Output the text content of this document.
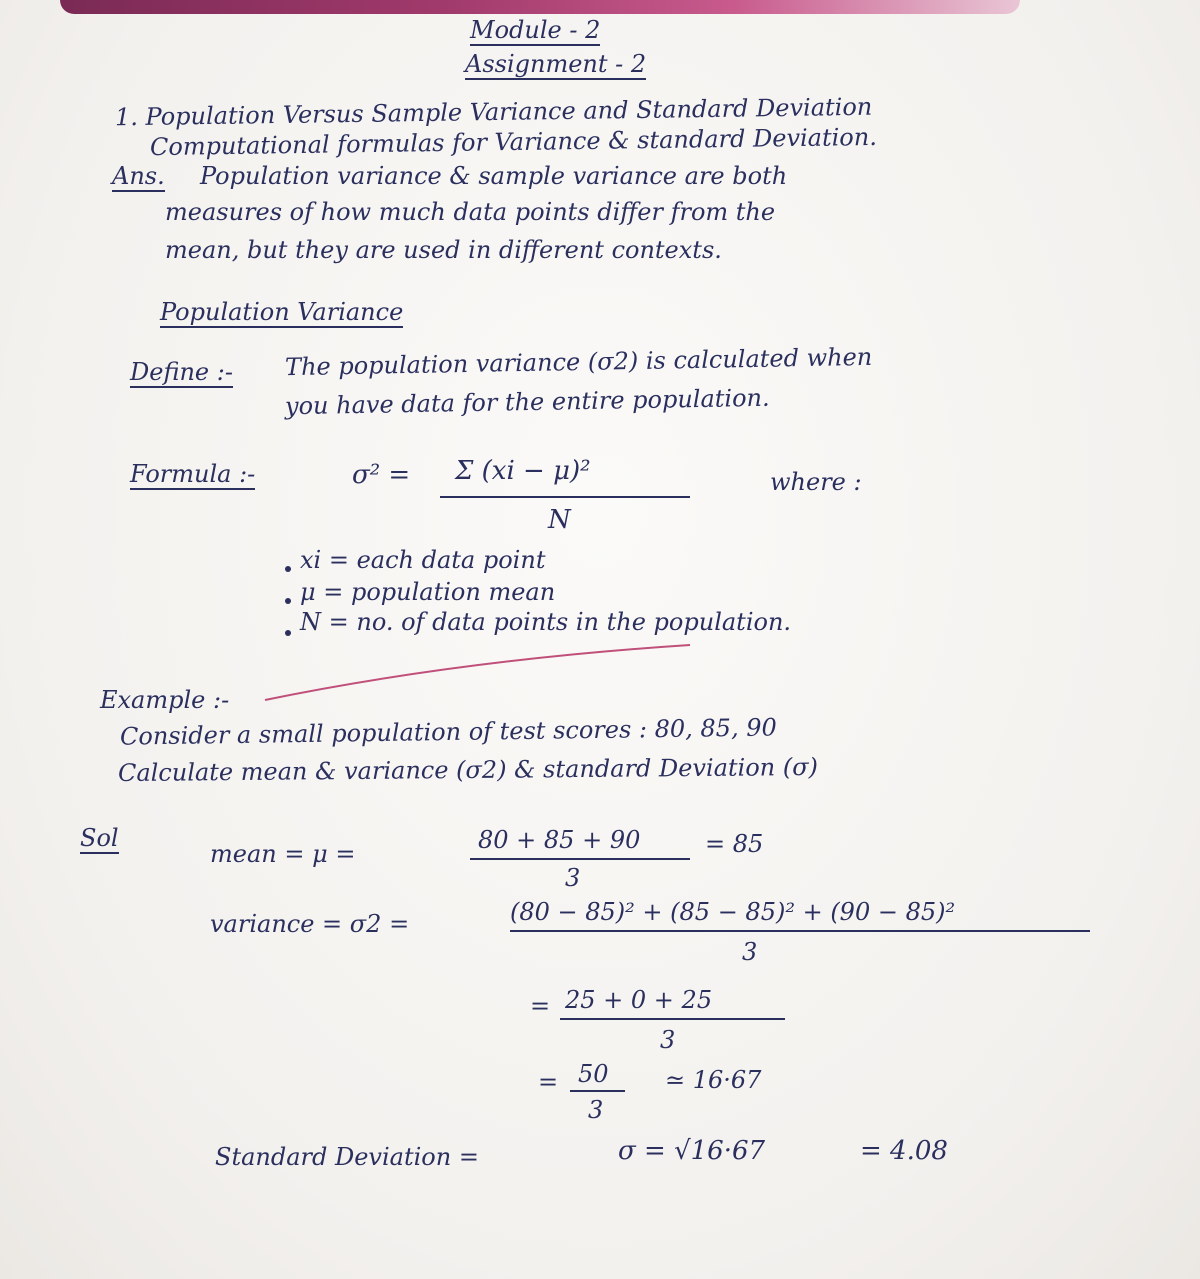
Module - 2
Assignment - 2
1. Population Versus Sample Variance and Standard Deviation
Computational formulas for Variance & standard Deviation.
Ans. Population variance & sample variance are both
measures of how much data points differ from the
mean, but they are used in different contexts.
Population Variance
Define :- The population variance (σ2) is calculated when
you have data for the entire population.
Formula :-	σ² = Σ (xi − μ)²
N
where :
xi = each data point
μ = population mean
N = no. of data points in the population.
Example :-
Consider a small population of test scores : 80, 85, 90
Calculate mean & variance (σ2) & standard Deviation (σ)
Sol
mean = μ =	80 + 85 + 90
3
= 85
variance = σ2 =	(80 − 85)² + (85 − 85)² + (90 − 85)²
3
= 25 + 0 + 25
3
= 50
3
≃ 16·67
Standard Deviation =	σ = √16·67	= 4.08
